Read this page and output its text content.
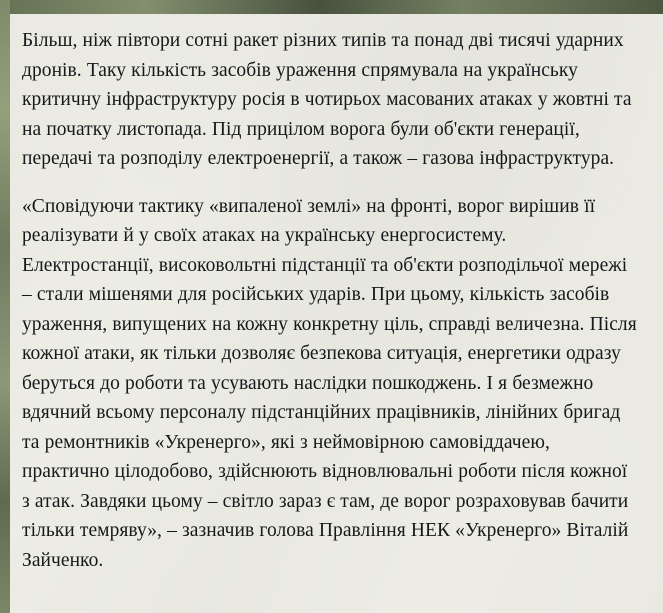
Більш, ніж півтори сотні ракет різних типів та понад дві тисячі ударних дронів. Таку кількість засобів ураження спрямувала на українську критичну інфраструктуру росія в чотирьох масованих атаках у жовтні та на початку листопада. Під прицілом ворога були об'єкти генерації, передачі та розподілу електроенергії, а також – газова інфраструктура.

«Сповідуючи тактику «випаленої землі» на фронті, ворог вирішив її реалізувати й у своїх атаках на українську енергосистему. Електростанції, високовольтні підстанції та об'єкти розподільчої мережі – стали мішенями для російських ударів. При цьому, кількість засобів ураження, випущених на кожну конкретну ціль, справді величезна. Після кожної атаки, як тільки дозволяє безпекова ситуація, енергетики одразу беруться до роботи та усувають наслідки пошкоджень. І я безмежно вдячний всьому персоналу підстанційних працівників, лінійних бригад та ремонтників «Укренерго», які з неймовірною самовіддачею, практично цілодобово, здійснюють відновлювальні роботи після кожної з атак. Завдяки цьому – світло зараз є там, де ворог розраховував бачити тільки темряву», – зазначив голова Правління НЕК «Укренерго» Віталій Зайченко.
